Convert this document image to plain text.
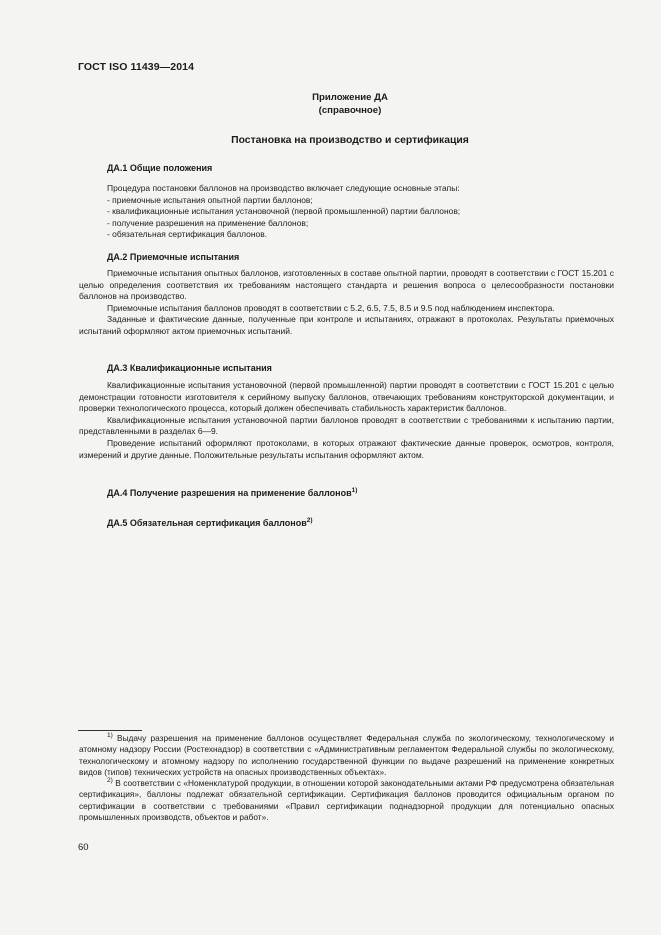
ГОСТ ISO 11439—2014
Приложение ДА
(справочное)
Постановка на производство и сертификация
ДА.1 Общие положения

Процедура постановки баллонов на производство включает следующие основные этапы:

- приемочные испытания опытной партии баллонов;
- квалификационные испытания установочной (первой промышленной) партии баллонов;
- получение разрешения на применение баллонов;
- обязательная сертификация баллонов.

ДА.2 Приемочные испытания

Приемочные испытания опытных баллонов, изготовленных в составе опытной партии, проводят в соответствии с ГОСТ 15.201 с целью определения соответствия их требованиям настоящего стандарта и решения вопроса о целесообразности постановки баллонов на производство.

Приемочные испытания баллонов проводят в соответствии с 5.2, 6.5, 7.5, 8.5 и 9.5 под наблюдением инспектора.

Заданные и фактические данные, полученные при контроле и испытаниях, отражают в протоколах. Результаты приемочных испытаний оформляют актом приемочных испытаний.

ДА.3 Квалификационные испытания

Квалификационные испытания установочной (первой промышленной) партии проводят в соответствии с ГОСТ 15.201 с целью демонстрации готовности изготовителя к серийному выпуску баллонов, отвечающих требованиям конструкторской документации, и проверки технологического процесса, который должен обеспечивать стабильность характеристик баллонов.

Квалификационные испытания установочной партии баллонов проводят в соответствии с требованиями к испытанию партии, представленными в разделах 6—9.

Проведение испытаний оформляют протоколами, в которых отражают фактические данные проверок, осмотров, контроля, измерений и другие данные. Положительные результаты испытания оформляют актом.

ДА.4 Получение разрешения на применение баллонов$^{1)}$
ДА.5 Обязательная сертификация баллонов$^{2)}$

$^{1)}$ Выдачу разрешения на применение баллонов осуществляет Федеральная служба по экологическому, технологическому и атомному надзору России (Ростехнадзор) в соответствии с «Административным регламентом Федеральной службы по экологическому, технологическому и атомному надзору по исполнению государственной функции по выдаче разрешений на применение конкретных видов (типов) технических устройств на опасных производственных объектах».

$^{2)}$ В соответствии с «Номенклатурой продукции, в отношении которой законодательными актами РФ предусмотрена обязательная сертификация», баллоны подлежат обязательной сертификации. Сертификация баллонов проводится официальным органом по сертификации в соответствии с требованиями «Правил сертификации поднадзорной продукции для потенциально опасных промышленных производств, объектов и работ».

60
